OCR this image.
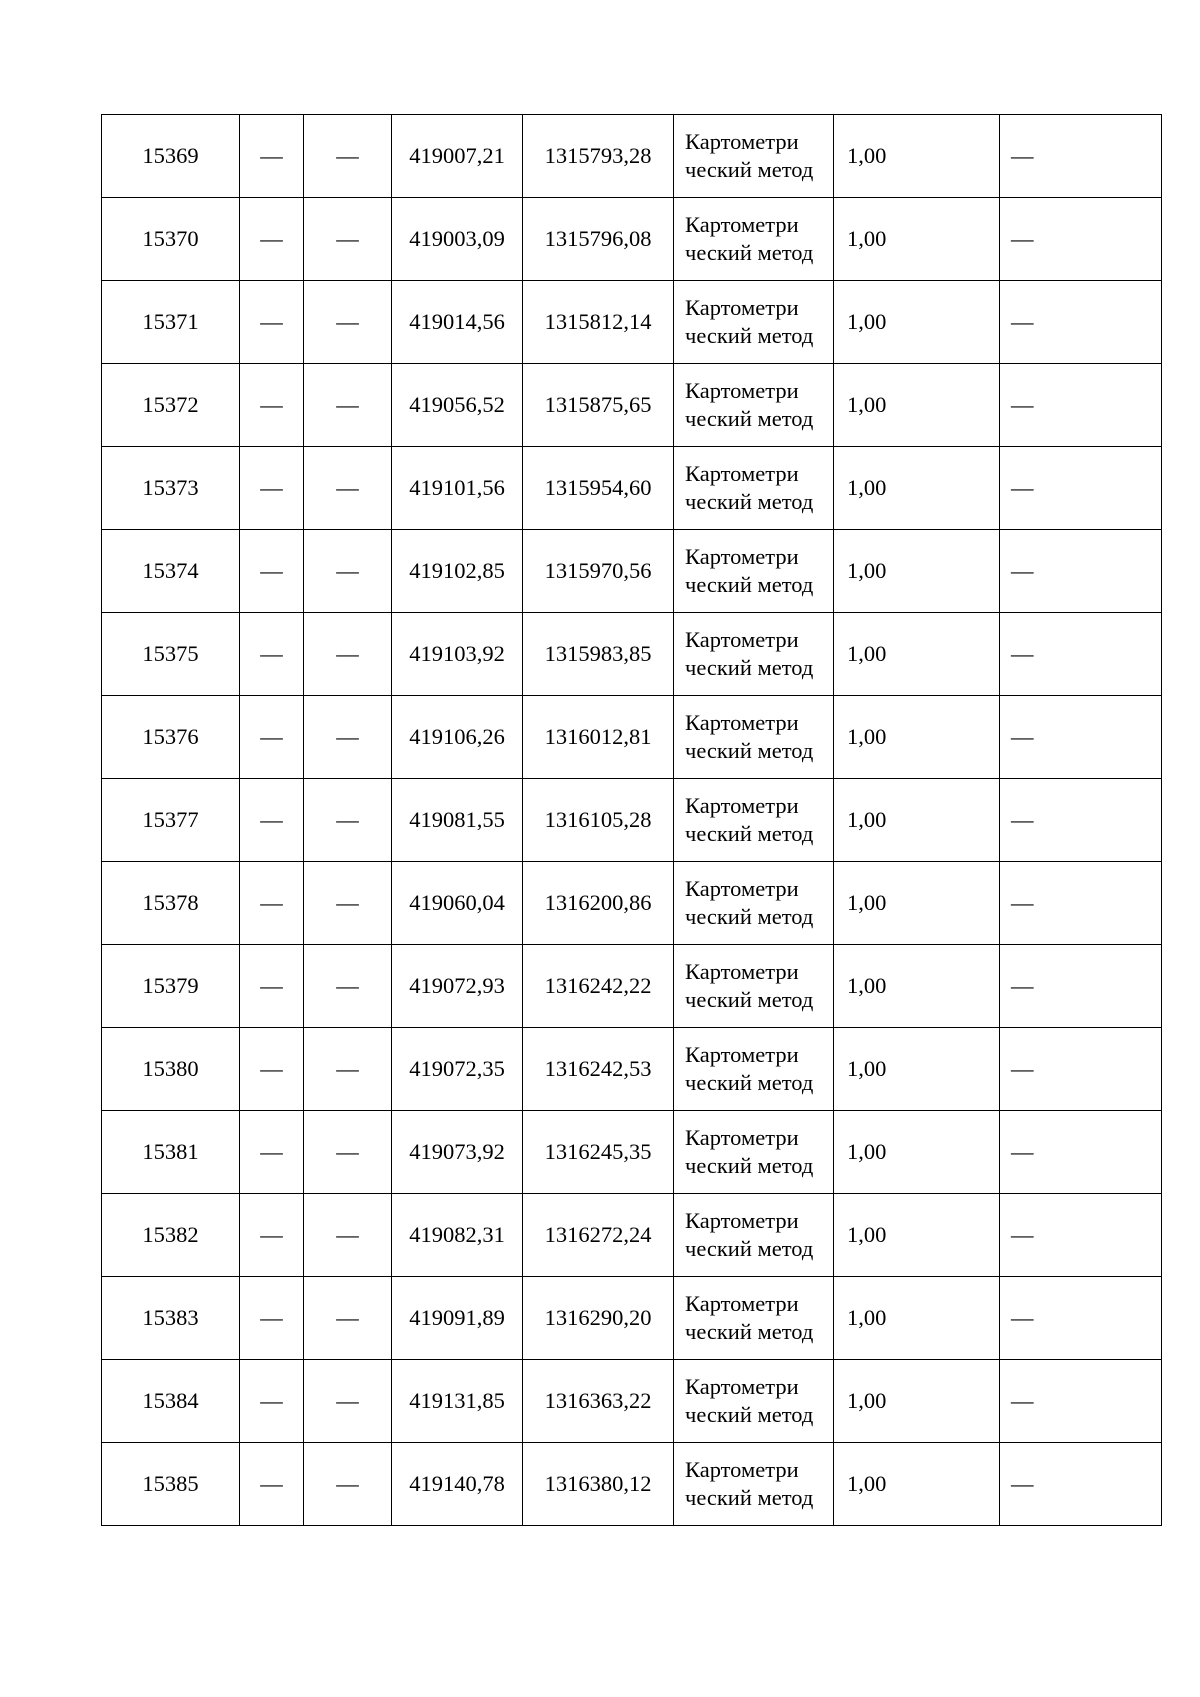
15369	—	—	419007,21	1315793,28	Картометри ческий метод	1,00	—
15370	—	—	419003,09	1315796,08	Картометри ческий метод	1,00	—
15371	—	—	419014,56	1315812,14	Картометри ческий метод	1,00	—
15372	—	—	419056,52	1315875,65	Картометри ческий метод	1,00	—
15373	—	—	419101,56	1315954,60	Картометри ческий метод	1,00	—
15374	—	—	419102,85	1315970,56	Картометри ческий метод	1,00	—
15375	—	—	419103,92	1315983,85	Картометри ческий метод	1,00	—
15376	—	—	419106,26	1316012,81	Картометри ческий метод	1,00	—
15377	—	—	419081,55	1316105,28	Картометри ческий метод	1,00	—
15378	—	—	419060,04	1316200,86	Картометри ческий метод	1,00	—
15379	—	—	419072,93	1316242,22	Картометри ческий метод	1,00	—
15380	—	—	419072,35	1316242,53	Картометри ческий метод	1,00	—
15381	—	—	419073,92	1316245,35	Картометри ческий метод	1,00	—
15382	—	—	419082,31	1316272,24	Картометри ческий метод	1,00	—
15383	—	—	419091,89	1316290,20	Картометри ческий метод	1,00	—
15384	—	—	419131,85	1316363,22	Картометри ческий метод	1,00	—
15385	—	—	419140,78	1316380,12	Картометри ческий метод	1,00	—
